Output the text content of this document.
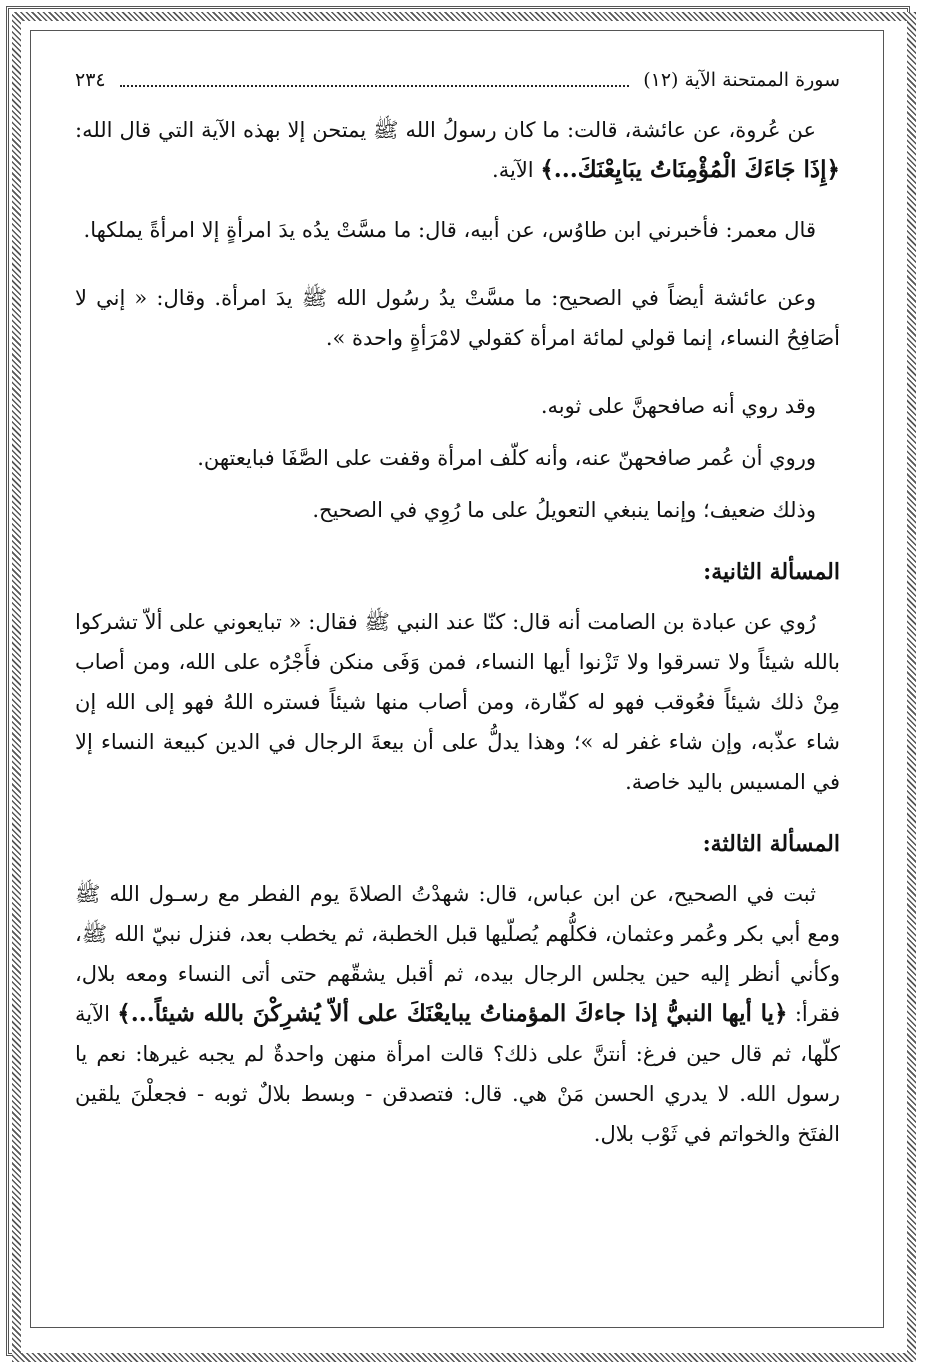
سورة الممتحنة الآية (١٢)
٢٣٤

عن عُروة، عن عائشة، قالت: ما كان رسولُ الله ﷺ يمتحن إلا بهذه الآية التي قال الله: ﴿إِذَا جَاءَكَ الْمُؤْمِنَاتُ يبَايِعْنَكَ...﴾ الآية.

قال معمر: فأخبرني ابن طاوُس، عن أبيه، قال: ما مسَّتْ يدُه يدَ امرأةٍ إلا امرأةً يملكها.

وعن عائشة أيضاً في الصحيح: ما مسَّتْ يدُ رسُول الله ﷺ يدَ امرأة. وقال: « إني لا أصَافِحُ النساء، إنما قولي لمائة امرأة كقولي لامْرَأةٍ واحدة ».

وقد روي أنه صافحهنَّ على ثوبه.

وروي أن عُمر صافحهنّ عنه، وأنه كلّف امرأة وقفت على الصَّفَا فبايعتهن.

وذلك ضعيف؛ وإنما ينبغي التعويلُ على ما رُوِي في الصحيح.

المسألة الثانية:

رُوي عن عبادة بن الصامت أنه قال: كنّا عند النبي ﷺ فقال: « تبايعوني على ألاّ تشركوا بالله شيئاً ولا تسرقوا ولا تَزْنوا أيها النساء، فمن وَفَى منكن فأَجْرُه على الله، ومن أصاب مِنْ ذلك شيئاً فعُوقب فهو له كفّارة، ومن أصاب منها شيئاً فستره اللهُ فهو إلى الله إن شاء عذّبه، وإن شاء غفر له »؛ وهذا يدلُّ على أن بيعةَ الرجال في الدين كبيعة النساء إلا في المسيس باليد خاصة.

المسألة الثالثة:

ثبت في الصحيح، عن ابن عباس، قال: شهدْتُ الصلاةَ يوم الفطر مع رسـول الله ﷺ ومع أبي بكر وعُمر وعثمان، فكلُّهم يُصلّيها قبل الخطبة، ثم يخطب بعد، فنزل نبيّ الله ﷺ، وكأني أنظر إليه حين يجلس الرجال بيده، ثم أقبل يشقّهم حتى أتى النساء ومعه بلال، فقرأ: ﴿يا أيها النبيُّ إذا جاءكَ المؤمناتُ يبايعْنَكَ على ألاّ يُشرِكْنَ بالله شيئاً...﴾ الآية كلّها، ثم قال حين فرغ: أنتنَّ على ذلك؟ قالت امرأة منهن واحدةٌ لم يجبه غيرها: نعم يا رسول الله. لا يدري الحسن مَنْ هي. قال: فتصدقن - وبسط بلالٌ ثوبه - فجعلْنَ يلقين الفتَخ والخواتم في ثَوْب بلال.
